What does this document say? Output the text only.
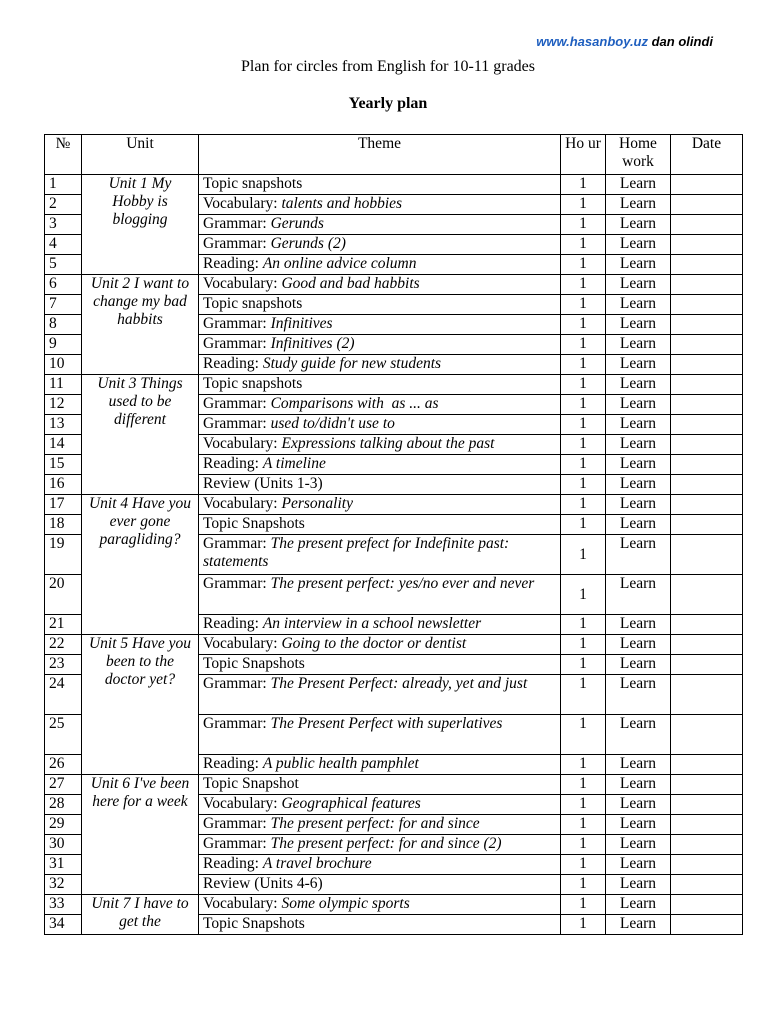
www.hasanboy.uz dan olindi
Plan for circles from English for 10-11 grades
Yearly plan
№	Unit	Theme	Ho ur	Home work	Date
1	Unit 1 My Hobby is blogging	Topic snapshots	1	Learn	
2		Vocabulary: talents and hobbies	1	Learn	
3		Grammar: Gerunds	1	Learn	
4		Grammar: Gerunds (2)	1	Learn	
5		Reading: An online advice column	1	Learn	
6	Unit 2 I want to change my bad habbits	Vocabulary: Good and bad habbits	1	Learn	
7		Topic snapshots	1	Learn	
8		Grammar: Infinitives	1	Learn	
9		Grammar: Infinitives (2)	1	Learn	
10		Reading: Study guide for new students	1	Learn	
11	Unit 3 Things used to be different	Topic snapshots	1	Learn	
12		Grammar: Comparisons with  as ... as	1	Learn	
13		Grammar: used to/didn't use to	1	Learn	
14		Vocabulary: Expressions talking about the past	1	Learn	
15		Reading: A timeline	1	Learn	
16		Review (Units 1-3)	1	Learn	
17	Unit 4 Have you ever gone paragliding?	Vocabulary: Personality	1	Learn	
18		Topic Snapshots	1	Learn	
19		Grammar: The present prefect for Indefinite past: statements	1	Learn	
20		Grammar: The present perfect: yes/no ever and never	1	Learn	
21		Reading: An interview in a school newsletter	1	Learn	
22	Unit 5 Have you been to the doctor yet?	Vocabulary: Going to the doctor or dentist	1	Learn	
23		Topic Snapshots	1	Learn	
24		Grammar: The Present Perfect: already, yet and just	1	Learn	
25		Grammar: The Present Perfect with superlatives	1	Learn	
26		Reading: A public health pamphlet	1	Learn	
27	Unit 6 I've been here for a week	Topic Snapshot	1	Learn	
28		Vocabulary: Geographical features	1	Learn	
29		Grammar: The present perfect: for and since	1	Learn	
30		Grammar: The present perfect: for and since (2)	1	Learn	
31		Reading: A travel brochure	1	Learn	
32		Review (Units 4-6)	1	Learn	
33	Unit 7 I have to get the	Vocabulary: Some olympic sports	1	Learn	
34		Topic Snapshots	1	Learn	
